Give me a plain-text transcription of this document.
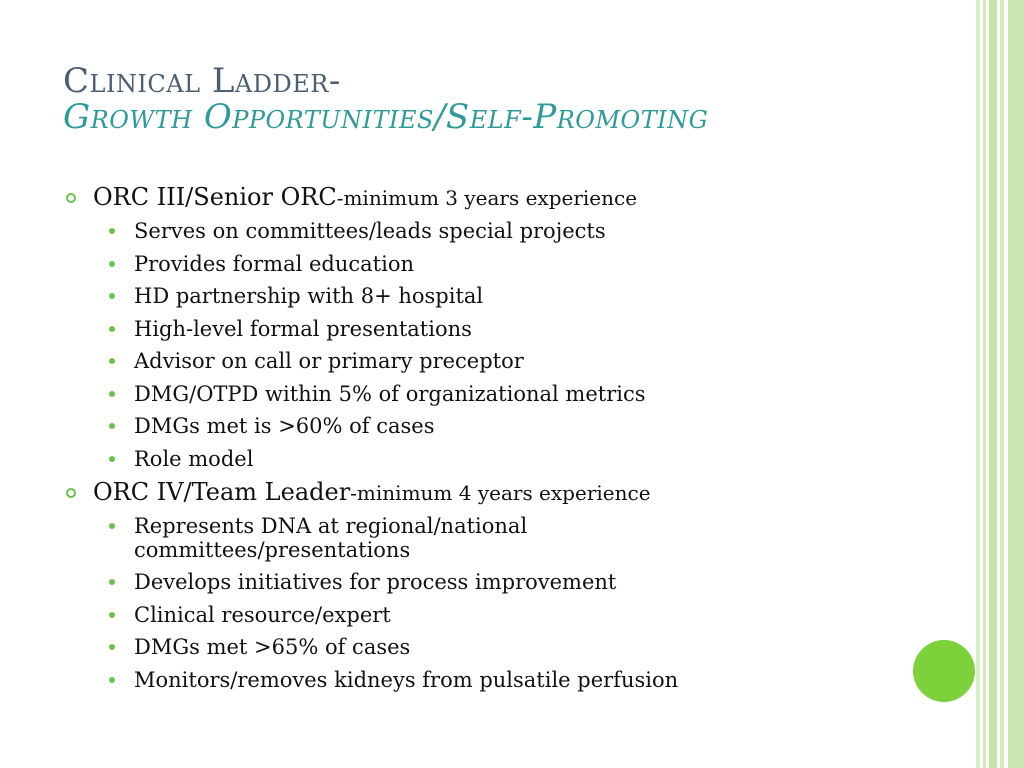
Clinical Ladder-
Growth Opportunities/Self-Promoting

ORC III/Senior ORC-minimum 3 years experience

Serves on committees/leads special projects

Provides formal education

HD partnership with 8+ hospital

High-level formal presentations

Advisor on call or primary preceptor

DMG/OTPD within 5% of organizational metrics

DMGs met is >60% of cases

Role model

ORC IV/Team Leader-minimum 4 years experience

Represents DNA at regional/national committees/presentations

Develops initiatives for process improvement

Clinical resource/expert

DMGs met >65% of cases

Monitors/removes kidneys from pulsatile perfusion
